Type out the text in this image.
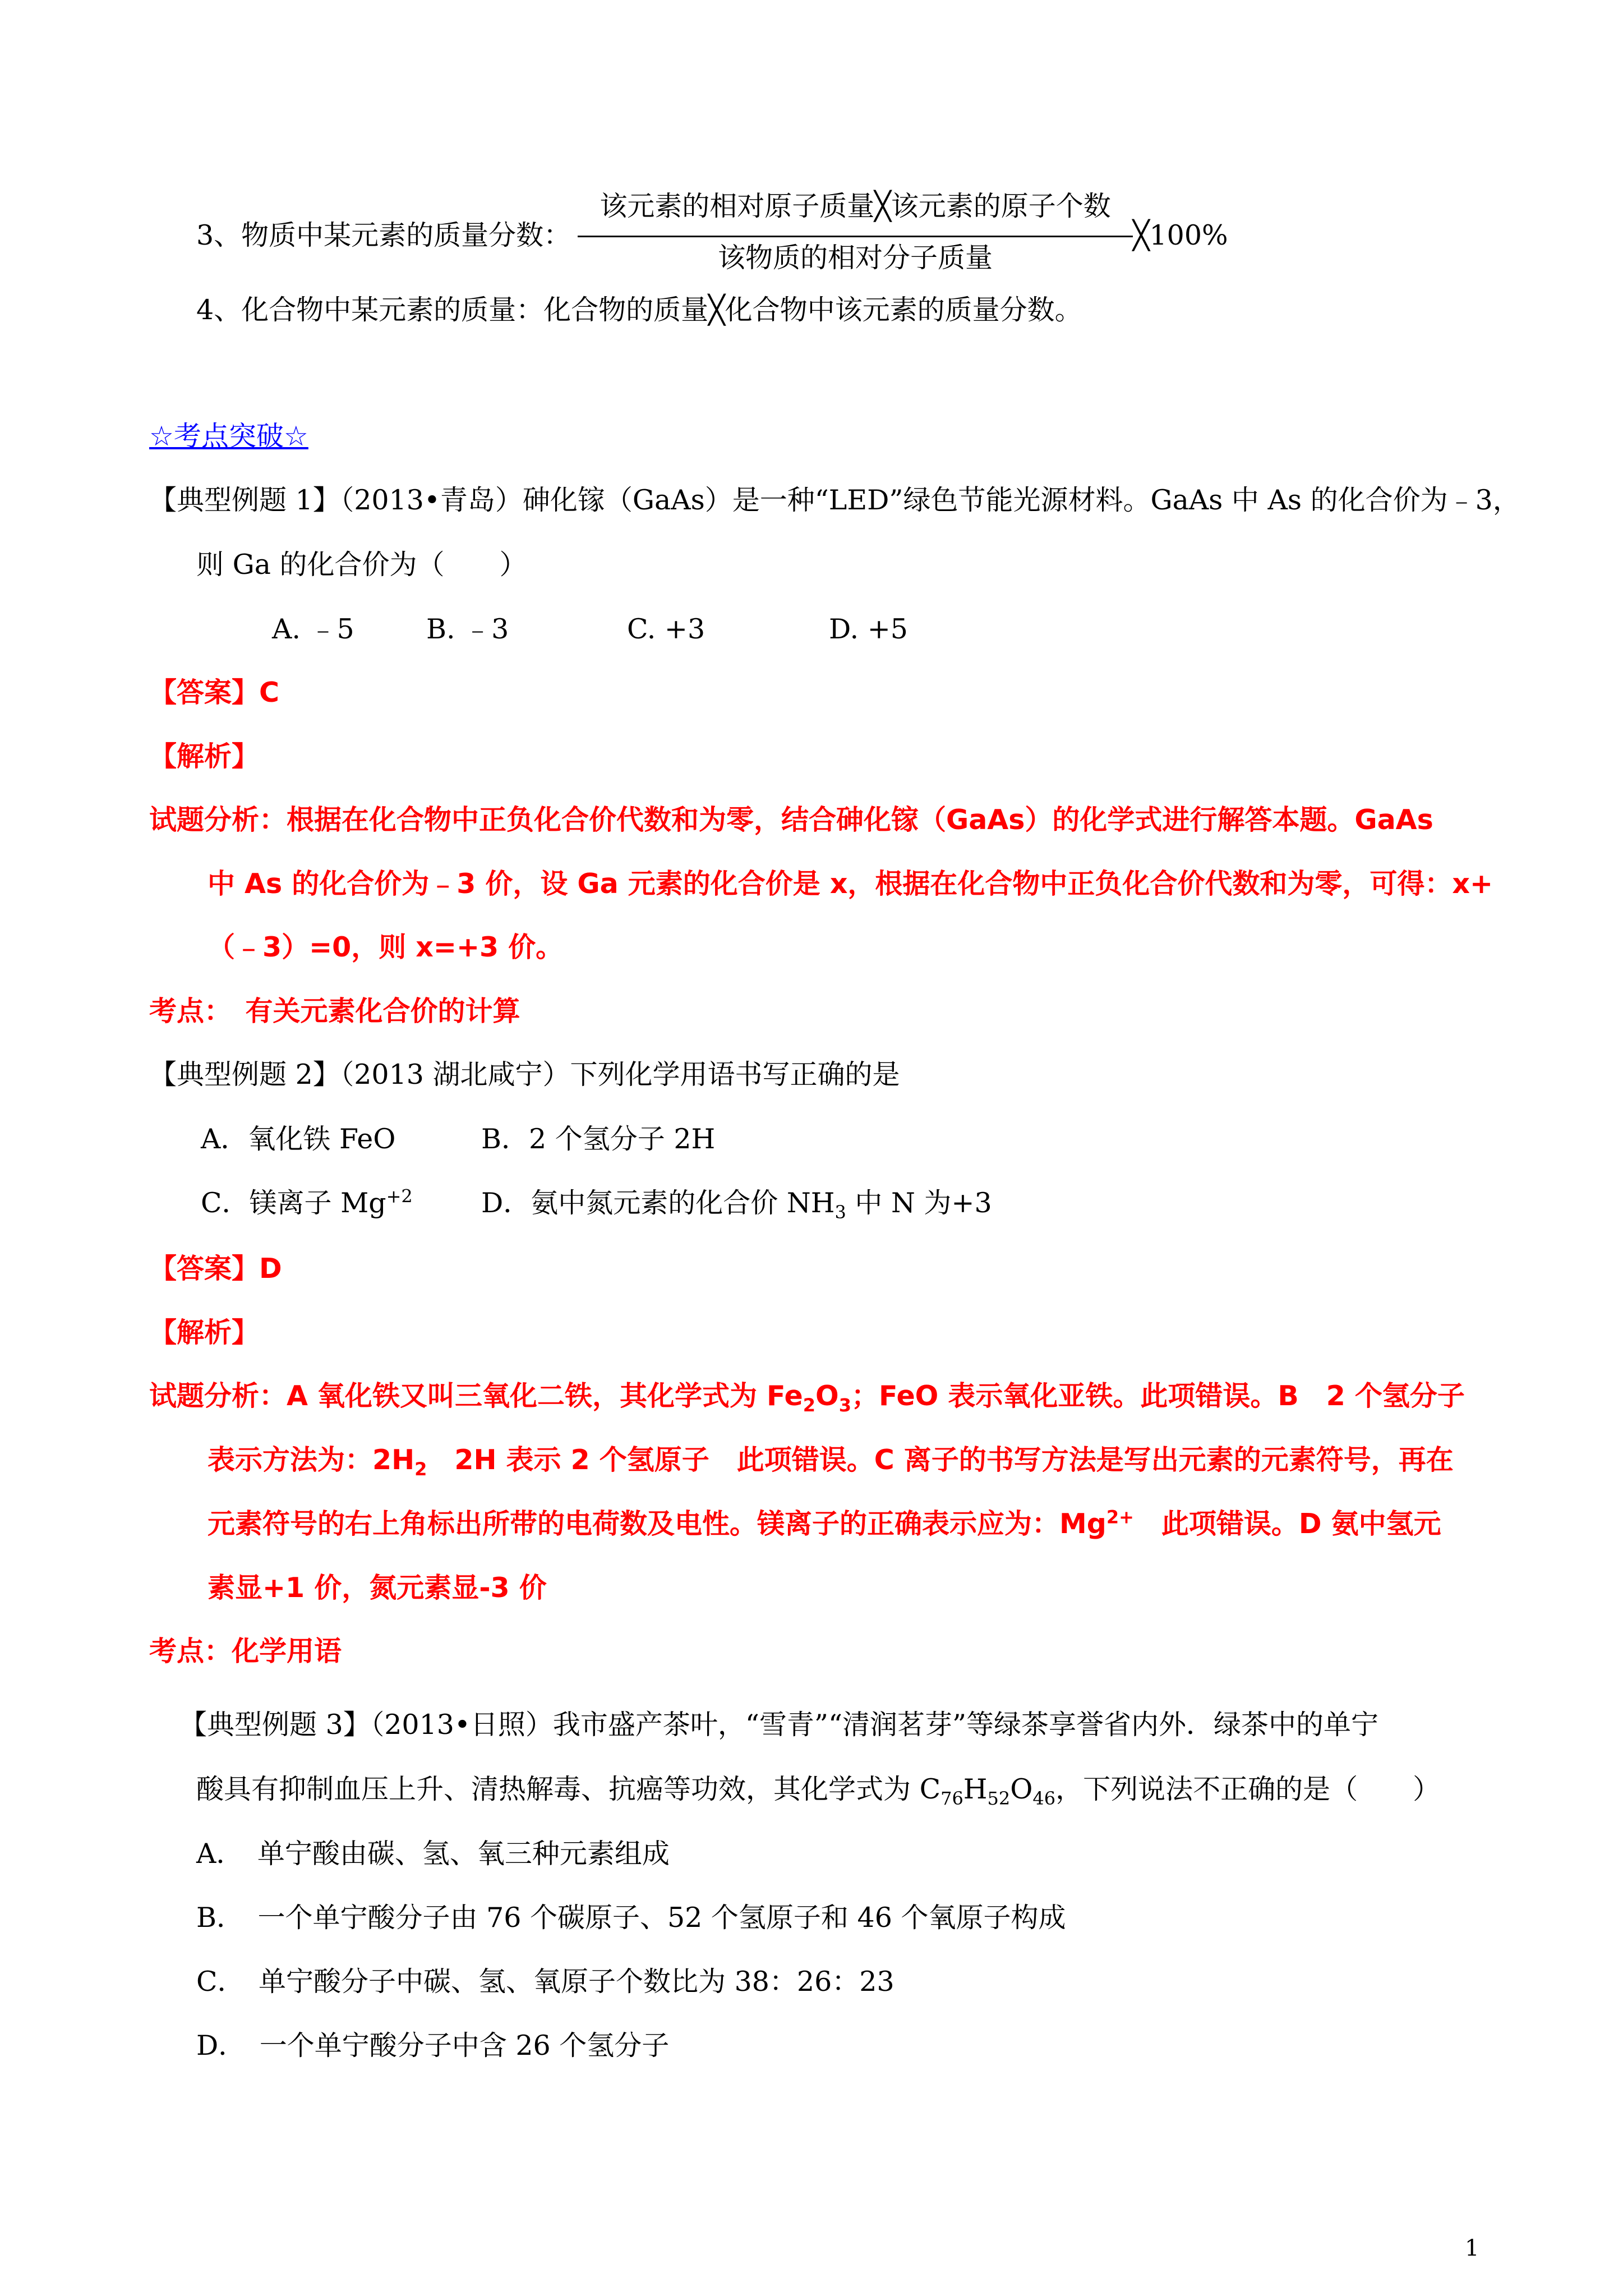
3、物质中某元素的质量分数：
该元素的相对原子质量╳该元素的原子个数
该物质的相对分子质量
╳100%
4、化合物中某元素的质量：化合物的质量╳化合物中该元素的质量分数。
☆考点突破☆
【典型例题 1】（2013•青岛）砷化镓（GaAs）是一种“LED”绿色节能光源材料。GaAs 中 As 的化合价为﹣3，
则 Ga 的化合价为（　　）
A. ﹣5	B. ﹣3	C. +3	D. +5
【答案】C
【解析】
试题分析：根据在化合物中正负化合价代数和为零，结合砷化镓（GaAs）的化学式进行解答本题。GaAs
中 As 的化合价为﹣3 价，设 Ga 元素的化合价是 x，根据在化合物中正负化合价代数和为零，可得：x+
（﹣3）=0，则 x=+3 价。
考点：　有关元素化合价的计算
【典型例题 2】（2013 湖北咸宁）下列化学用语书写正确的是
A．氧化铁 FeO	B．2 个氢分子 2H
C．镁离子 $Mg^{+2}$ D．氨中氮元素的化合价 $NH_3$ 中 N 为+3
【答案】D
【解析】
试题分析：A 氧化铁又叫三氧化二铁，其化学式为 $Fe_2O_3$；FeO 表示氧化亚铁。此项错误。B　2 个氢分子
表示方法为：$2H_2$　2H 表示 2 个氢原子　此项错误。C 离子的书写方法是写出元素的元素符号，再在
元素符号的右上角标出所带的电荷数及电性。镁离子的正确表示应为：$Mg^{2+}$　此项错误。D 氨中氢元
素显+1 价，氮元素显-3 价
考点：化学用语
【典型例题 3】（2013•日照）我市盛产茶叶，“雪青”“清润茗芽”等绿茶享誉省内外．绿茶中的单宁
酸具有抑制血压上升、清热解毒、抗癌等功效，其化学式为 $C_{76}H_{52}O_{46}$，下列说法不正确的是（　　）
A．　单宁酸由碳、氢、氧三种元素组成
B．　一个单宁酸分子由 76 个碳原子、52 个氢原子和 46 个氧原子构成
C．　单宁酸分子中碳、氢、氧原子个数比为 38：26：23
D．　一个单宁酸分子中含 26 个氢分子
1
